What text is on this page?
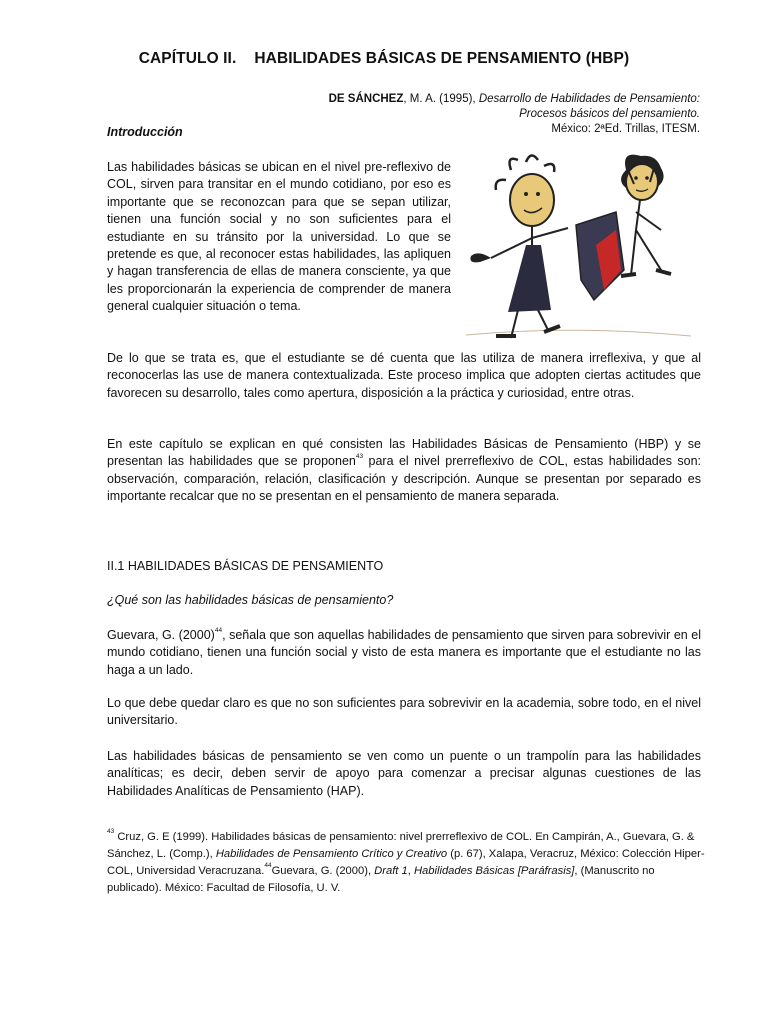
CAPÍTULO II. HABILIDADES BÁSICAS DE PENSAMIENTO (HBP)
DE SÁNCHEZ, M. A. (1995), Desarrollo de Habilidades de Pensamiento:
Procesos básicos del pensamiento.
México: 2ªEd. Trillas, ITESM.
Introducción

Las habilidades básicas se ubican en el nivel pre-reflexivo de COL, sirven para transitar en el mundo cotidiano, por eso es importante que se reconozcan para que se sepan utilizar, tienen una función social y no son suficientes para el estudiante en su tránsito por la universidad. Lo que se pretende es que, al reconocer estas habilidades, las apliquen y hagan transferencia de ellas de manera consciente, ya que les proporcionarán la experiencia de comprender de manera general cualquier situación o tema.

De lo que se trata es, que el estudiante se dé cuenta que las utiliza de manera irreflexiva, y que al reconocerlas las use de manera contextualizada. Este proceso implica que adopten ciertas actitudes que favorecen su desarrollo, tales como apertura, disposición a la práctica y curiosidad, entre otras.

En este capítulo se explican en qué consisten las Habilidades Básicas de Pensamiento (HBP) y se presentan las habilidades que se proponen$^{43}$ para el nivel prerreflexivo de COL, estas habilidades son: observación, comparación, relación, clasificación y descripción. Aunque se presentan por separado es importante recalcar que no se presentan en el pensamiento de manera separada.

II.1 HABILIDADES BÁSICAS DE PENSAMIENTO
¿Qué son las habilidades básicas de pensamiento?

Guevara, G. (2000)$^{44}$, señala que son aquellas habilidades de pensamiento que sirven para sobrevivir en el mundo cotidiano, tienen una función social y visto de esta manera es importante que el estudiante no las haga a un lado.

Lo que debe quedar claro es que no son suficientes para sobrevivir en la academia, sobre todo, en el nivel universitario.

Las habilidades básicas de pensamiento se ven como un puente o un trampolín para las habilidades analíticas; es decir, deben servir de apoyo para comenzar a precisar algunas cuestiones de las Habilidades Analíticas de Pensamiento (HAP).

$^{43}$ Cruz, G. E (1999). Habilidades básicas de pensamiento: nivel prerreflexivo de COL. En Campirán, A., Guevara, G. & Sánchez, L. (Comp.), Habilidades de Pensamiento Crítico y Creativo (p. 67), Xalapa, Veracruz, México: Colección Hiper-COL, Universidad Veracruzana.$^{44}$Guevara, G. (2000), Draft 1, Habilidades Básicas [Paráfrasis], (Manuscrito no publicado). México: Facultad de Filosofía, U. V.
